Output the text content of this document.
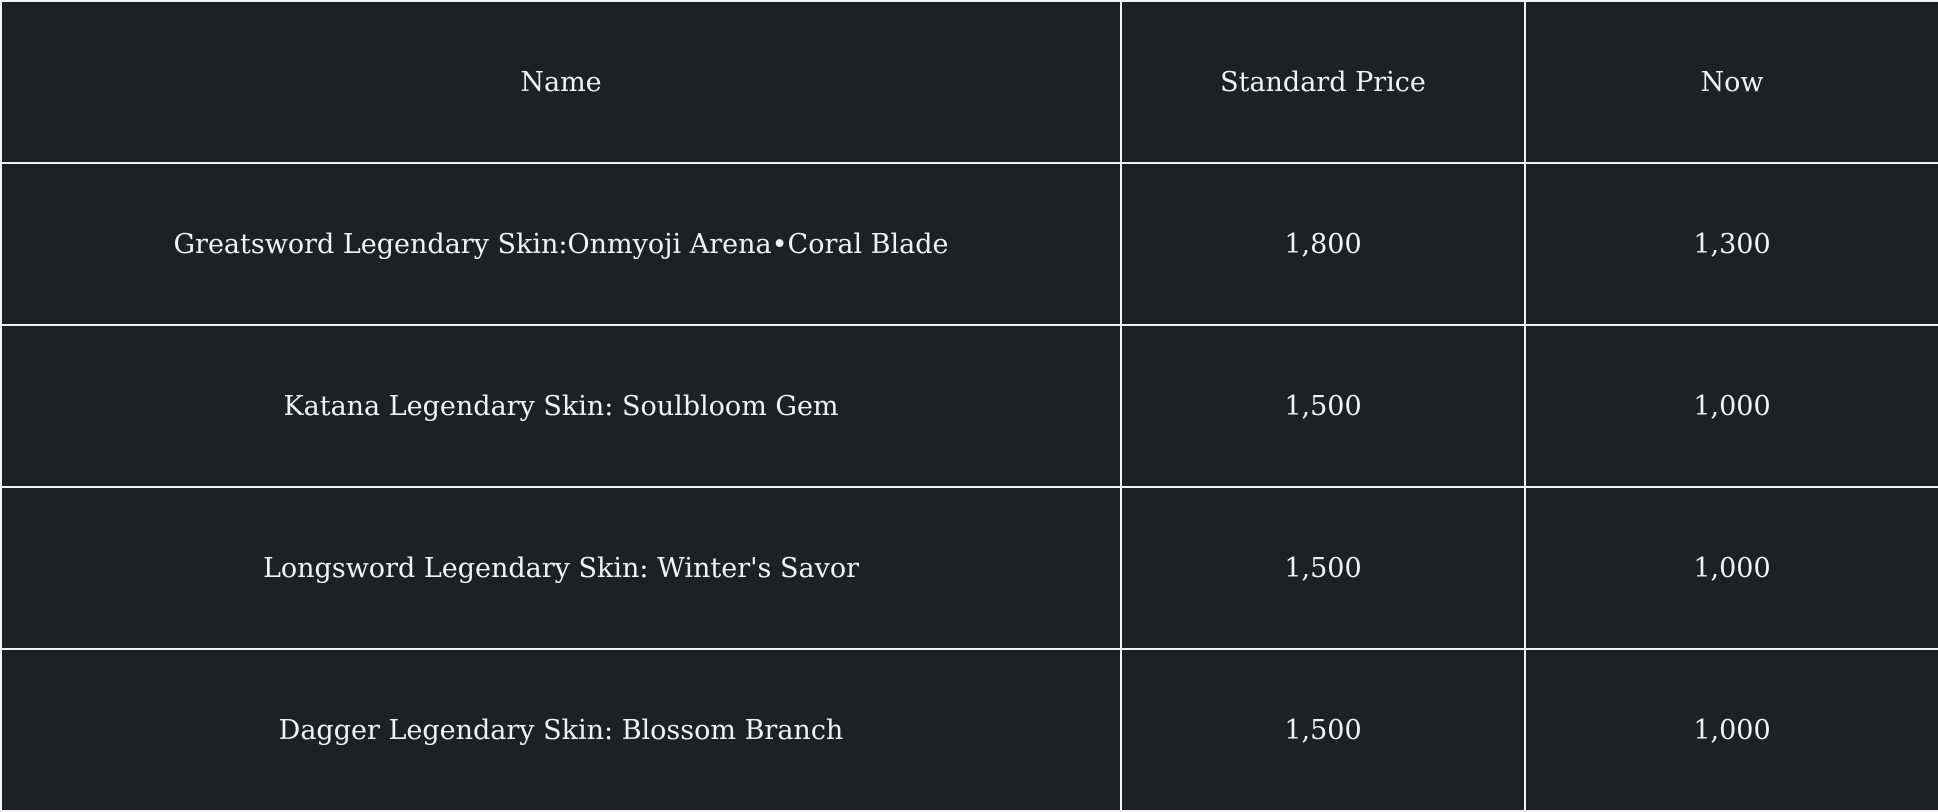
Name	Standard Price	Now
Greatsword Legendary Skin:Onmyoji Arena•Coral Blade	1,800	1,300
Katana Legendary Skin: Soulbloom Gem	1,500	1,000
Longsword Legendary Skin: Winter's Savor	1,500	1,000
Dagger Legendary Skin: Blossom Branch	1,500	1,000
